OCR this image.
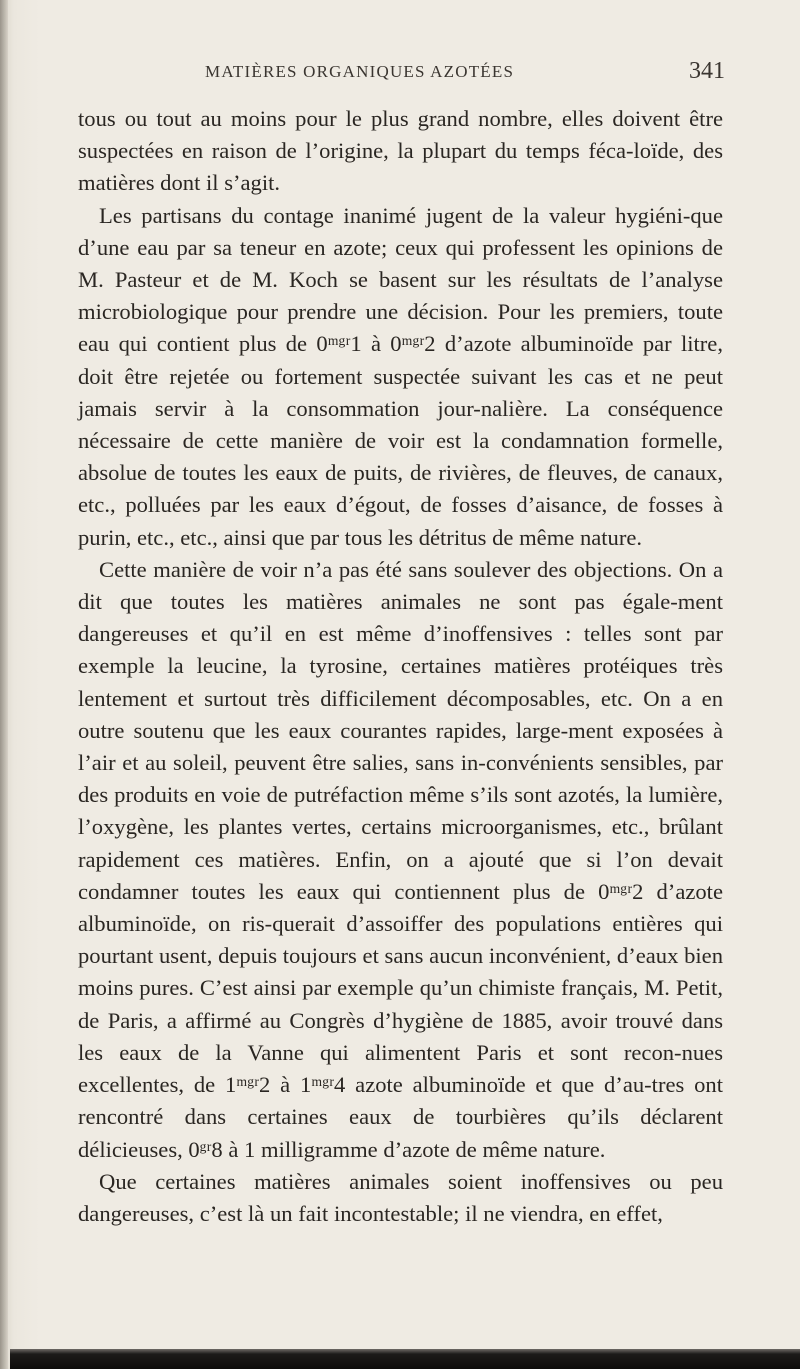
MATIÈRES ORGANIQUES AZOTÉES	341

tous ou tout au moins pour le plus grand nombre, elles doivent être suspectées en raison de l’origine, la plupart du temps féca-loïde, des matières dont il s’agit.

Les partisans du contage inanimé jugent de la valeur hygiéni-que d’une eau par sa teneur en azote; ceux qui professent les opinions de M. Pasteur et de M. Koch se basent sur les résultats de l’analyse microbiologique pour prendre une décision. Pour les premiers, toute eau qui contient plus de 0ᵐᵍʳ1 à 0ᵐᵍʳ2 d’azote albuminoïde par litre, doit être rejetée ou fortement suspectée suivant les cas et ne peut jamais servir à la consommation jour-nalière. La conséquence nécessaire de cette manière de voir est la condamnation formelle, absolue de toutes les eaux de puits, de rivières, de fleuves, de canaux, etc., polluées par les eaux d’égout, de fosses d’aisance, de fosses à purin, etc., etc., ainsi que par tous les détritus de même nature.

Cette manière de voir n’a pas été sans soulever des objections. On a dit que toutes les matières animales ne sont pas égale-ment dangereuses et qu’il en est même d’inoffensives : telles sont par exemple la leucine, la tyrosine, certaines matières protéiques très lentement et surtout très difficilement décomposables, etc. On a en outre soutenu que les eaux courantes rapides, large-ment exposées à l’air et au soleil, peuvent être salies, sans in-convénients sensibles, par des produits en voie de putréfaction même s’ils sont azotés, la lumière, l’oxygène, les plantes vertes, certains microorganismes, etc., brûlant rapidement ces matières. Enfin, on a ajouté que si l’on devait condamner toutes les eaux qui contiennent plus de 0ᵐᵍʳ2 d’azote albuminoïde, on ris-querait d’assoiffer des populations entières qui pourtant usent, depuis toujours et sans aucun inconvénient, d’eaux bien moins pures. C’est ainsi par exemple qu’un chimiste français, M. Petit, de Paris, a affirmé au Congrès d’hygiène de 1885, avoir trouvé dans les eaux de la Vanne qui alimentent Paris et sont recon-nues excellentes, de 1ᵐᵍʳ2 à 1ᵐᵍʳ4 azote albuminoïde et que d’au-tres ont rencontré dans certaines eaux de tourbières qu’ils déclarent délicieuses, 0ᵍʳ8 à 1 milligramme d’azote de même nature.

Que certaines matières animales soient inoffensives ou peu dangereuses, c’est là un fait incontestable; il ne viendra, en effet,
